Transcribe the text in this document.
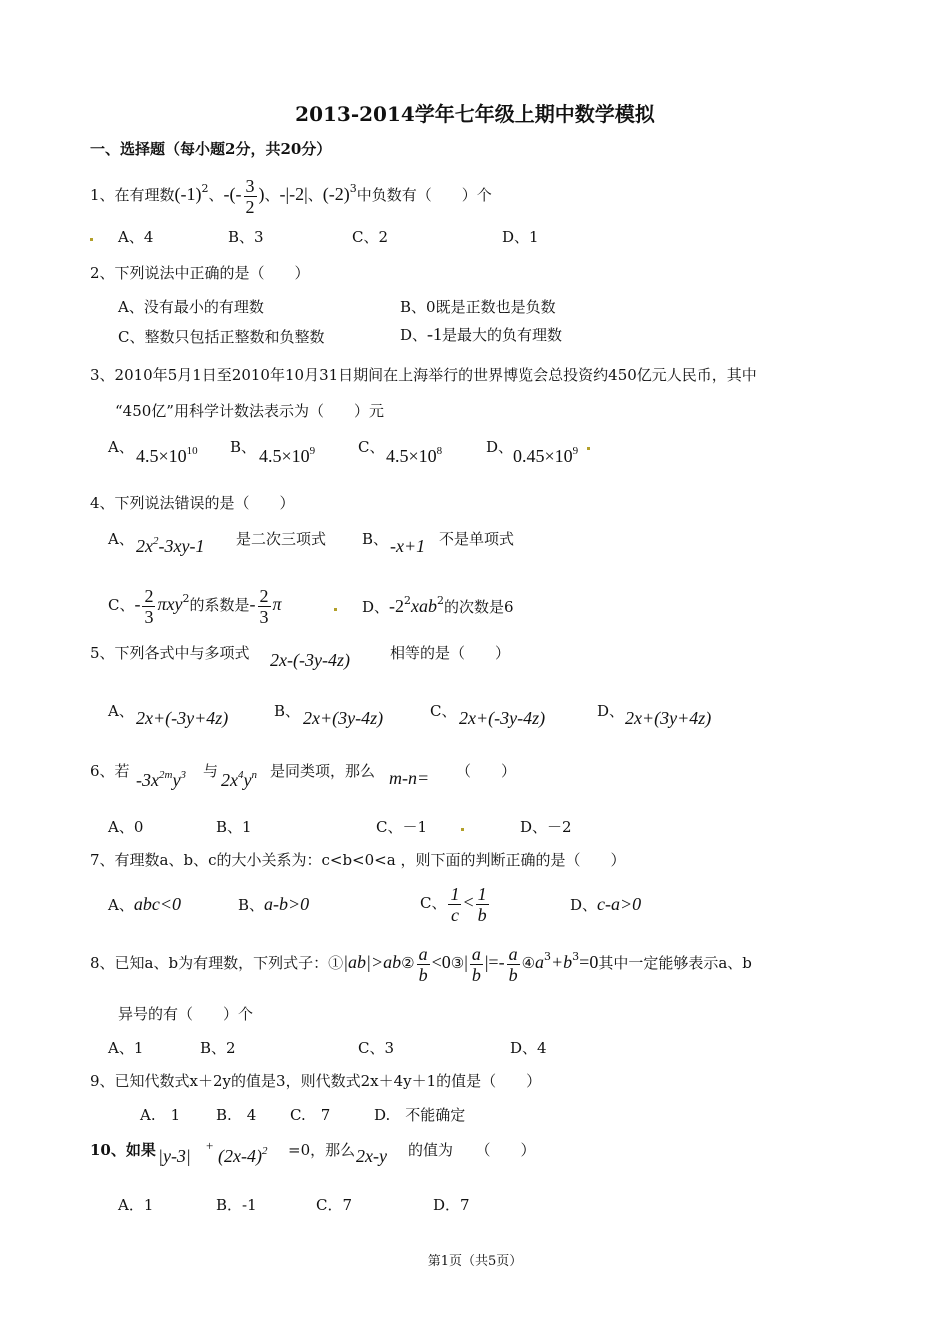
2013-2014学年七年级上期中数学模拟
一、选择题（每小题2分，共20分）
1、在有理数$(-1)^2$、-(- $\frac{3}{2}$ )、-|-2|、$(-2)^3$中负数有（　　）个
A、4	B、3	C、2	D、1
2、下列说法中正确的是（　　）
A、没有最小的有理数	B、0既是正数也是负数
C、整数只包括正整数和负整数	D、-1是最大的负有理数
3、2010年5月1日至2010年10月31日期间在上海举行的世界博览会总投资约450亿元人民币，其中
“450亿”用科学计数法表示为（　　）元
A、 $4.5\times 10^{10}$ B、 $4.5\times 10^9$	C、 $4.5\times 10^8$	D、 $0.45\times 10^9$
4、下列说法错误的是（　　）
A、 $2x^2-3xy-1$ 是二次三项式 B、 -x+1 不是单项式
C、- $\frac{2}{3} \pi xy^2$的系数是- $\frac{2}{3}$ π	D、$-2^2xab^2$的次数是6
5、下列各式中与多项式 2x-(-3y-4z)	相等的是（　　）
A、 2x+(-3y+4z)	B、 2x+(3y-4z)	C、 2x+(-3y-4z)	D、 2x+(3y+4z)
6、若 $-3x^{2m}y^3$ 与 $2x^4y^n$ 是同类项，那么 m-n= （　　）
A、0	B、1	C、－1	D、－2
7、有理数a、b、c的大小关系为：c<b<0<a ，则下面的判断正确的是（　　）
A、abc<0	B、a-b>0	C、 $\frac{1}{c} < \frac{1}{b}$	D、c-a>0
8、已知a、b为有理数，下列式子：①|ab|>ab② $\frac{a}{b}$ <0③| $\frac{a}{b}$ |=- $\frac{a}{b}$ $④a^3+b^3=0$其中一定能够表示a、b
异号的有（　　）个
A、1	B、2	C、3	D、4
9、已知代数式x＋2y的值是3，则代数式2x＋4y＋1的值是（　　）
A.　1 B.　4 C.　7	D.　不能确定
10、如果 |y-3|
+
$(2x-4)^2 =0$，那么 2x-y 的值为　　（　　）
A．1	B．-1	C．7	D．7
第1页（共5页）
